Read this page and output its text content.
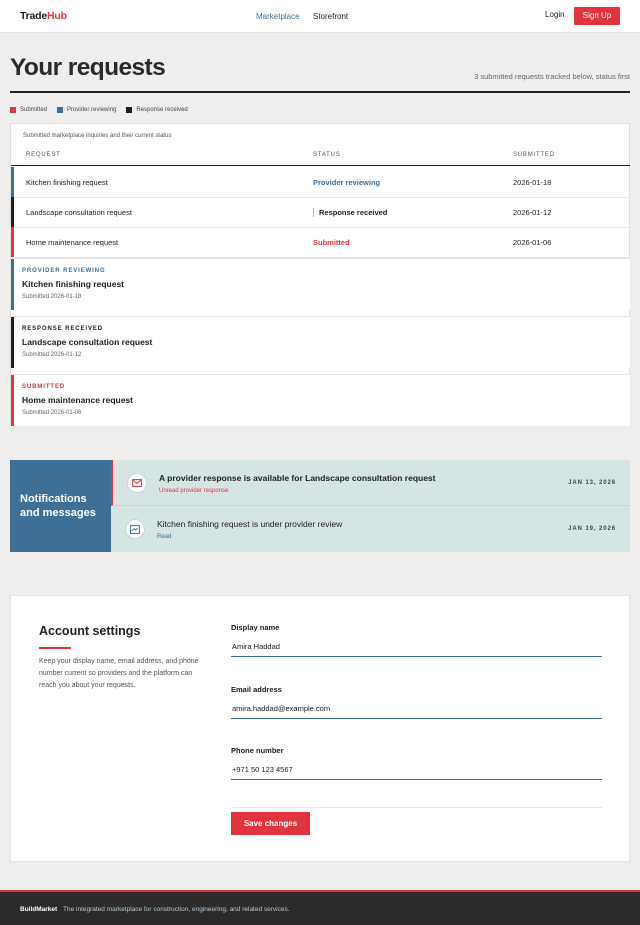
TradeHub	Marketplace Storefront	Login	Sign Up
Your requests	3 submitted requests tracked below, status first
Submitted	Provider reviewing	Response received
Submitted marketplace inquiries and their current status
REQUEST	STATUS	SUBMITTED
Kitchen finishing request	Provider reviewing	2026-01-18
Landscape consultation request	Response received	2026-01-12
Home maintenance request	Submitted	2026-01-06
PROVIDER REVIEWING
Kitchen finishing request
Submitted 2026-01-18
RESPONSE RECEIVED
Landscape consultation request
Submitted 2026-01-12
SUBMITTED
Home maintenance request
Submitted 2026-01-06
Notifications
and messages
A provider response is available for Landscape consultation request
Unread provider response
JAN 13, 2026
Kitchen finishing request is under provider review
Read
JAN 19, 2026
Account settings
Keep your display name, email address, and phone number current so providers and the platform can reach you about your requests.
Display name
Amira Haddad
Email address
amira.haddad@example.com
Phone number
+971 50 123 4567
Save changes
BuildMarket The integrated marketplace for construction, engineering, and related services.
